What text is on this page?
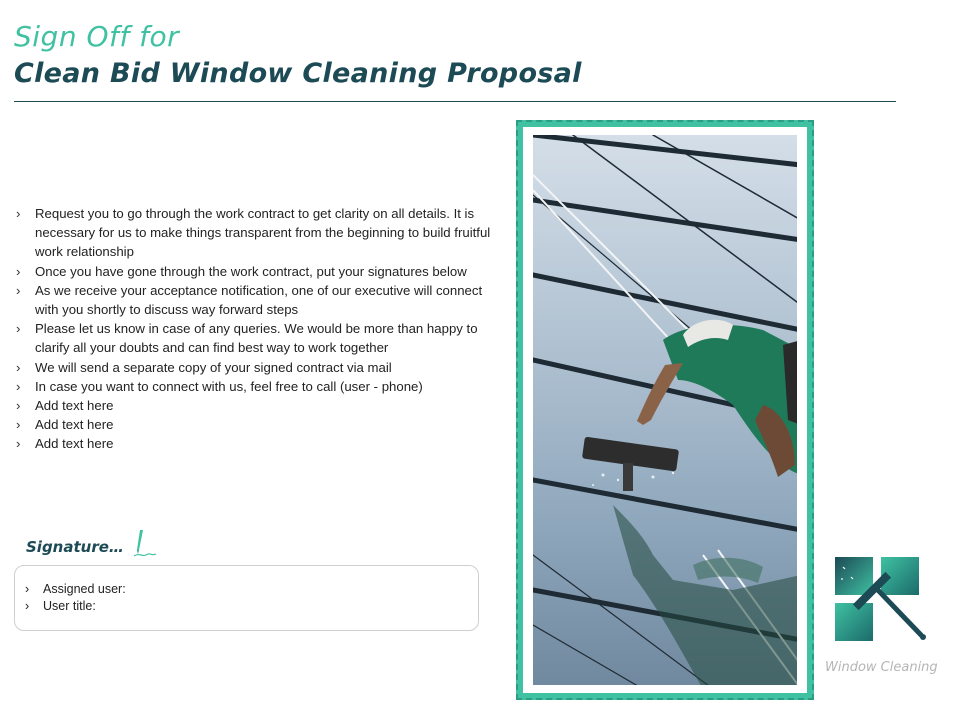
Sign Off for
Clean Bid Window Cleaning Proposal
› Request you to go through the work contract to get clarity on all details. It is necessary for us to make things transparent from the beginning to build fruitful work relationship
› Once you have gone through the work contract, put your signatures below
› As we receive your acceptance notification, one of our executive will connect with you shortly to discuss way forward steps
› Please let us know in case of any queries. We would be more than happy to clarify all your doubts and can find best way to work together
› We will send a separate copy of your signed contract via mail
› In case you want to connect with us, feel free to call (user - phone)
› Add text here
› Add text here
› Add text here
Signature…
› Assigned user:
› User title:
Window Cleaning
